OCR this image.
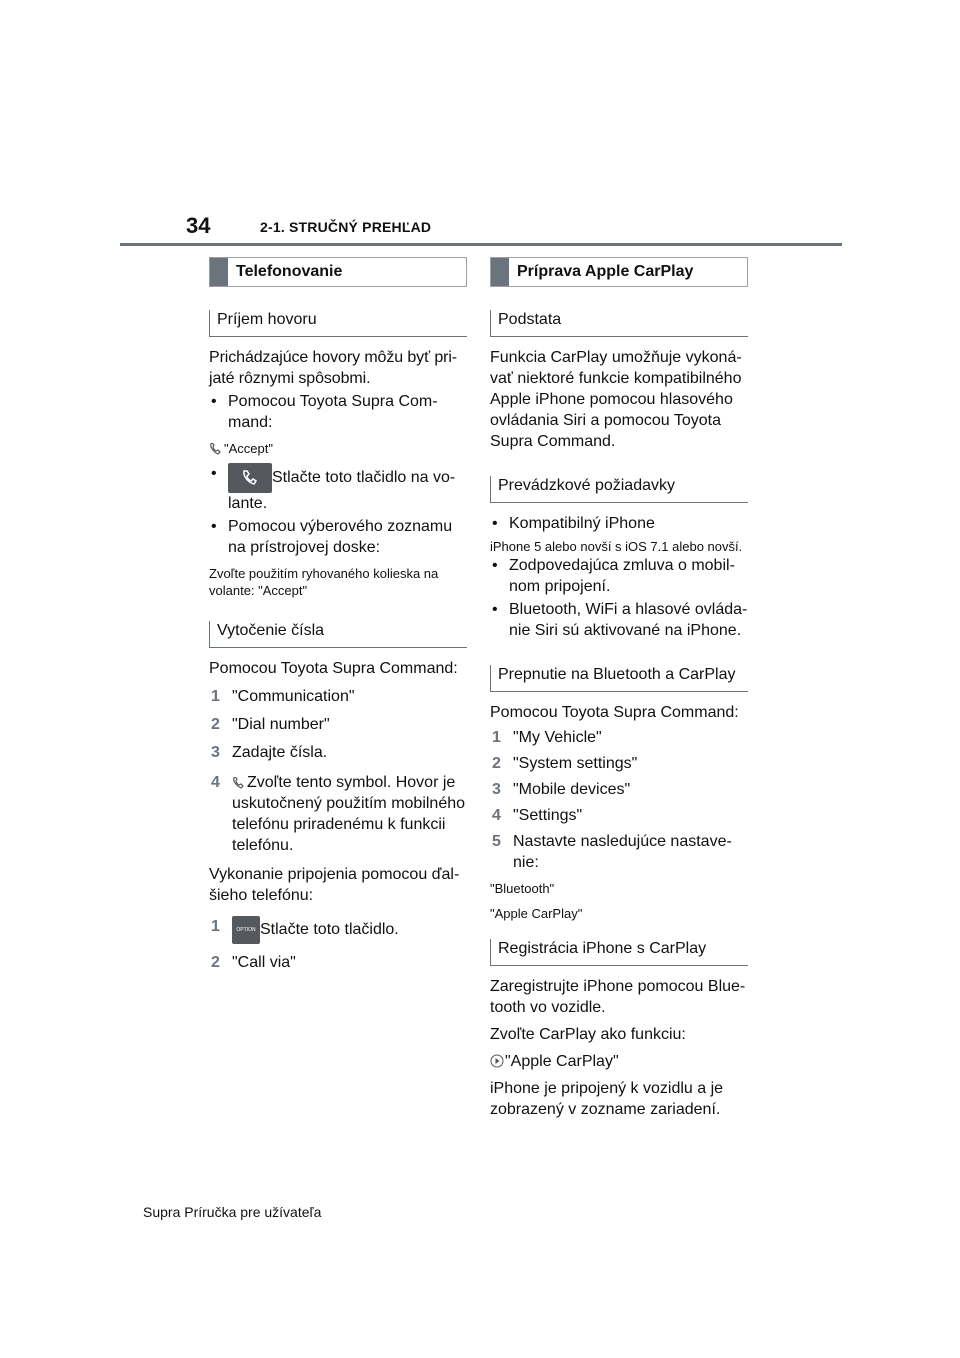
34	2-1. STRUČNÝ PREHĽAD
Telefonovanie
Príjem hovoru

Prichádzajúce hovory môžu byť pri-jaté rôznymi spôsobmi.

• Pomocou Toyota Supra Com-mand:

"Accept"

•	Stlačte toto tlačidlo na vo-lante.

• Pomocou výberového zoznamu na prístrojovej doske:

Zvoľte použitím ryhovaného kolieska na volante: "Accept"

Vytočenie čísla

Pomocou Toyota Supra Command:

1 "Communication"
2 "Dial number"
3 Zadajte čísla.
4 Zvoľte tento symbol. Hovor je uskutočnený použitím mobilného telefónu priradenému k funkcii telefónu.

Vykonanie pripojenia pomocou ďal-šieho telefónu:

1	OPTION Stlačte toto tlačidlo.
2 "Call via"
Príprava Apple CarPlay
Podstata

Funkcia CarPlay umožňuje vykoná-vať niektoré funkcie kompatibilného Apple iPhone pomocou hlasového ovládania Siri a pomocou Toyota Supra Command.

Prevádzkové požiadavky

• Kompatibilný iPhone

iPhone 5 alebo novší s iOS 7.1 alebo novší.

• Zodpovedajúca zmluva o mobil-nom pripojení.

• Bluetooth, WiFi a hlasové ovláda-nie Siri sú aktivované na iPhone.

Prepnutie na Bluetooth a CarPlay

Pomocou Toyota Supra Command:

1 "My Vehicle"
2 "System settings"
3 "Mobile devices"
4 "Settings"
5 Nastavte nasledujúce nastave-nie:

"Bluetooth"

"Apple CarPlay"

Registrácia iPhone s CarPlay

Zaregistrujte iPhone pomocou Blue-tooth vo vozidle.

Zvoľte CarPlay ako funkciu:

"Apple CarPlay"

iPhone je pripojený k vozidlu a je zobrazený v zozname zariadení.

Supra Príručka pre užívateľa
